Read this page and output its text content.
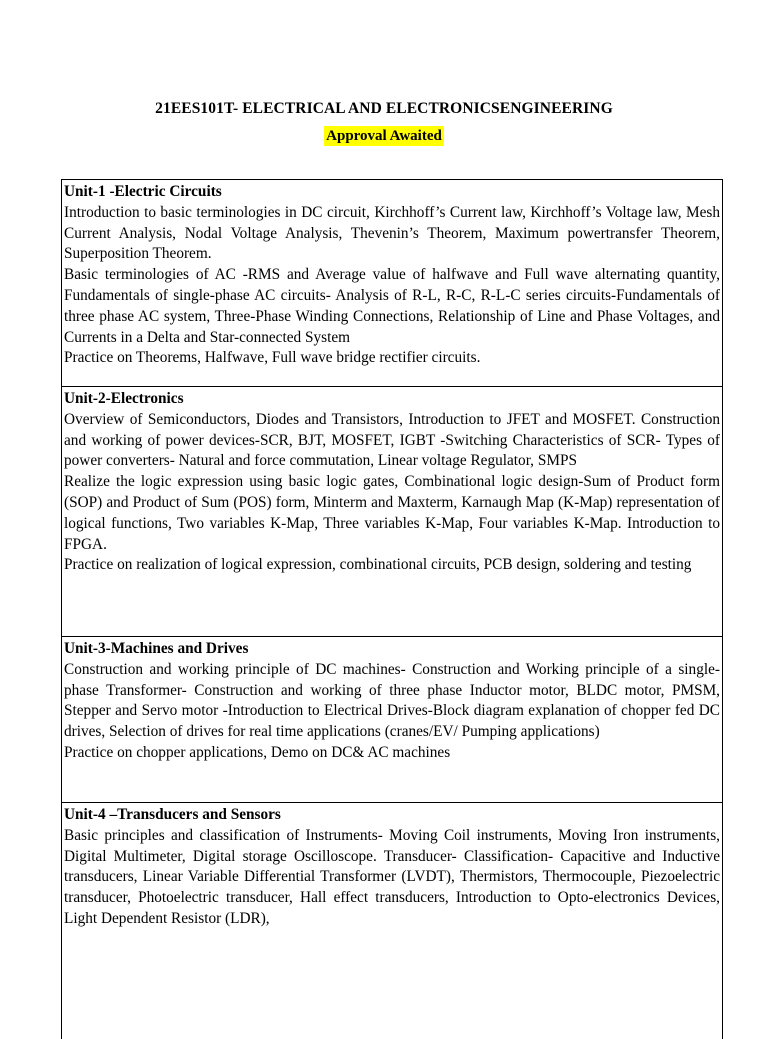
21EES101T- ELECTRICAL AND ELECTRONICSENGINEERING
Approval Awaited
Unit-1 -Electric Circuits

Introduction to basic terminologies in DC circuit, Kirchhoff’s Current law, Kirchhoff’s Voltage law, Mesh Current Analysis, Nodal Voltage Analysis, Thevenin’s Theorem, Maximum powertransfer Theorem, Superposition Theorem.

Basic terminologies of AC -RMS and Average value of halfwave and Full wave alternating quantity, Fundamentals of single-phase AC circuits- Analysis of R-L, R-C, R-L-C series circuits-Fundamentals of three phase AC system, Three-Phase Winding Connections, Relationship of Line and Phase Voltages, and Currents in a Delta and Star-connected System

Practice on Theorems, Halfwave, Full wave bridge rectifier circuits.

Unit-2-Electronics

Overview of Semiconductors, Diodes and Transistors, Introduction to JFET and MOSFET. Construction and working of power devices-SCR, BJT, MOSFET, IGBT -Switching Characteristics of SCR- Types of power converters- Natural and force commutation, Linear voltage Regulator, SMPS

Realize the logic expression using basic logic gates, Combinational logic design-Sum of Product form (SOP) and Product of Sum (POS) form, Minterm and Maxterm, Karnaugh Map (K-Map) representation of logical functions, Two variables K-Map, Three variables K-Map, Four variables K-Map. Introduction to FPGA.

Practice on realization of logical expression, combinational circuits, PCB design, soldering and testing

Unit-3-Machines and Drives

Construction and working principle of DC machines- Construction and Working principle of a single-phase Transformer- Construction and working of three phase Inductor motor, BLDC motor, PMSM, Stepper and Servo motor -Introduction to Electrical Drives-Block diagram explanation of chopper fed DC drives, Selection of drives for real time applications (cranes/EV/ Pumping applications)

Practice on chopper applications, Demo on DC& AC machines

Unit-4 –Transducers and Sensors

Basic principles and classification of Instruments- Moving Coil instruments, Moving Iron instruments, Digital Multimeter, Digital storage Oscilloscope. Transducer- Classification- Capacitive and Inductive transducers, Linear Variable Differential Transformer (LVDT), Thermistors, Thermocouple, Piezoelectric transducer, Photoelectric transducer, Hall effect transducers, Introduction to Opto-electronics Devices, Light Dependent Resistor (LDR),
